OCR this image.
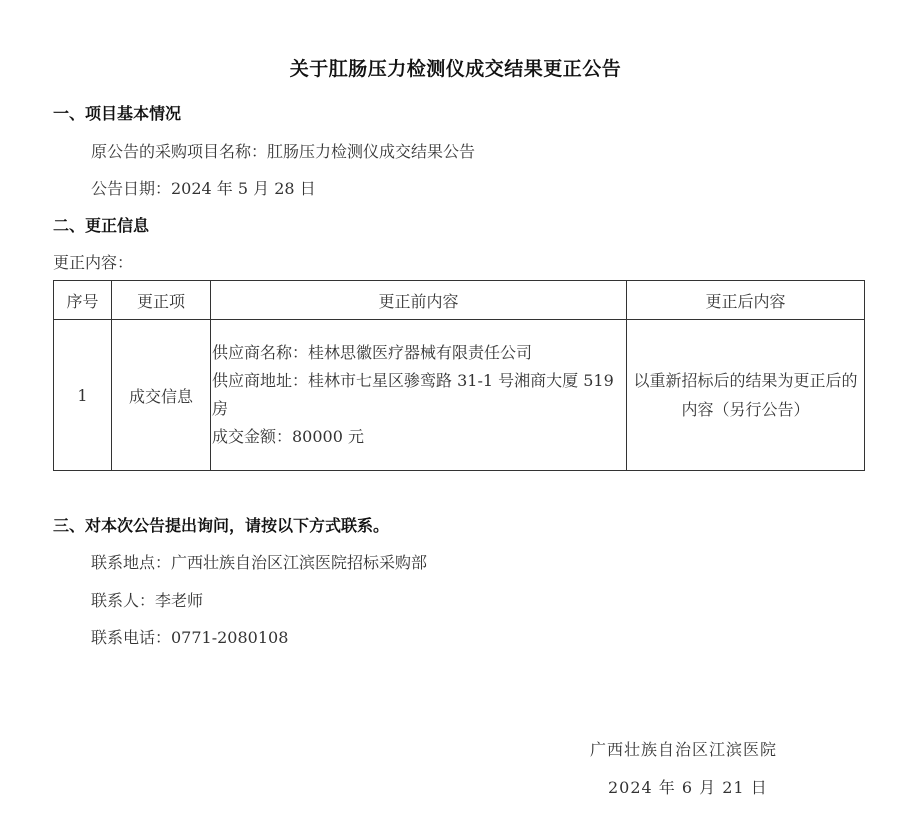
关于肛肠压力检测仪成交结果更正公告
一、项目基本情况
原公告的采购项目名称：肛肠压力检测仪成交结果公告
公告日期：2024 年 5 月 28 日
二、更正信息
更正内容：
序号	更正项	更正前内容	更正后内容
1	成交信息	供应商名称：桂林思徽医疗器械有限责任公司
供应商地址：桂林市七星区骖鸾路 31-1 号湘商大厦 519 房
成交金额：80000 元	以重新招标后的结果为更正后的内容（另行公告）
三、对本次公告提出询问，请按以下方式联系。
联系地点：广西壮族自治区江滨医院招标采购部
联系人：李老师
联系电话：0771-2080108
广西壮族自治区江滨医院
2024 年 6 月 21 日
